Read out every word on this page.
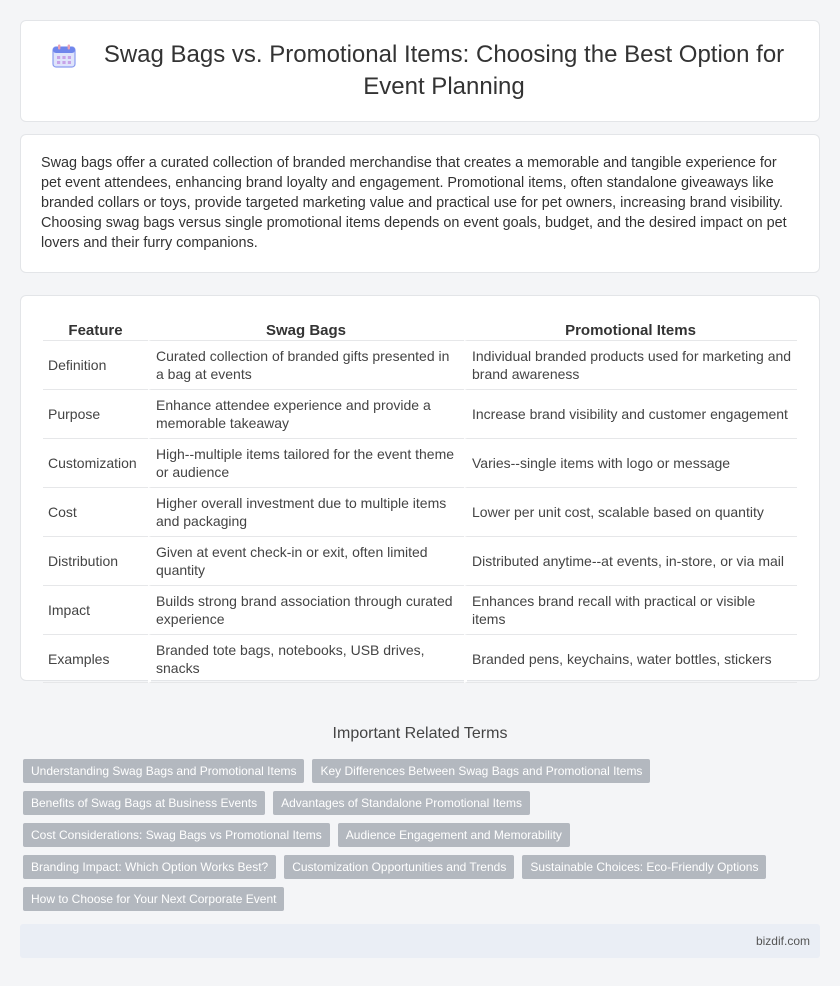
Swag Bags vs. Promotional Items: Choosing the Best Option for Event Planning

Swag bags offer a curated collection of branded merchandise that creates a memorable and tangible experience for pet event attendees, enhancing brand loyalty and engagement. Promotional items, often standalone giveaways like branded collars or toys, provide targeted marketing value and practical use for pet owners, increasing brand visibility. Choosing swag bags versus single promotional items depends on event goals, budget, and the desired impact on pet lovers and their furry companions.

Feature	Swag Bags	Promotional Items
Definition	Curated collection of branded gifts presented in a bag at events	Individual branded products used for marketing and brand awareness
Purpose	Enhance attendee experience and provide a memorable takeaway	Increase brand visibility and customer engagement
Customization	High--multiple items tailored for the event theme or audience	Varies--single items with logo or message
Cost	Higher overall investment due to multiple items and packaging	Lower per unit cost, scalable based on quantity
Distribution	Given at event check-in or exit, often limited quantity	Distributed anytime--at events, in-store, or via mail
Impact	Builds strong brand association through curated experience	Enhances brand recall with practical or visible items
Examples	Branded tote bags, notebooks, USB drives, snacks	Branded pens, keychains, water bottles, stickers
Important Related Terms
Understanding Swag Bags and Promotional Items	Key Differences Between Swag Bags and Promotional Items
Benefits of Swag Bags at Business Events	Advantages of Standalone Promotional Items
Cost Considerations: Swag Bags vs Promotional Items	Audience Engagement and Memorability
Branding Impact: Which Option Works Best?	Customization Opportunities and Trends	Sustainable Choices: Eco-Friendly Options
How to Choose for Your Next Corporate Event
bizdif.com
